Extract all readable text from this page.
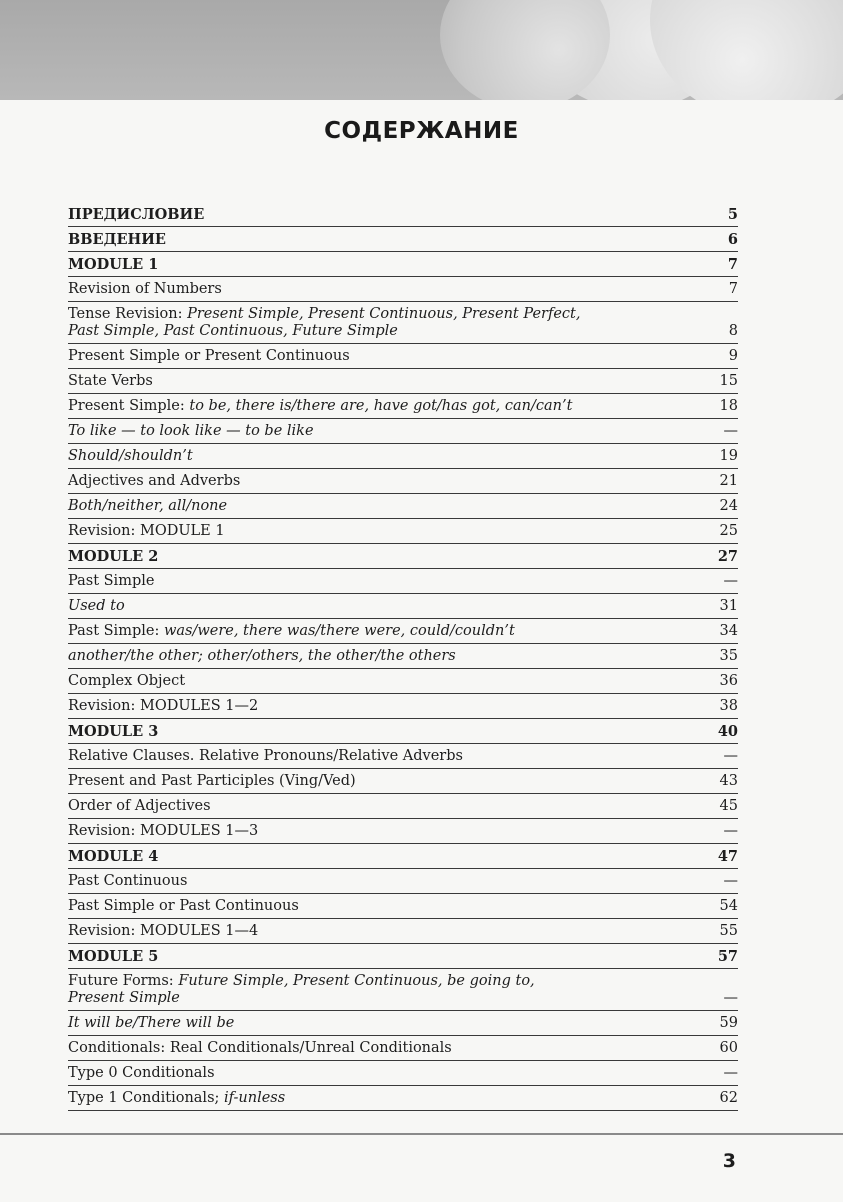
СОДЕРЖАНИЕ
ПРЕДИСЛОВИЕ	5
ВВЕДЕНИЕ	6
MODULE 1	7
Revision of Numbers	7
Tense Revision: Present Simple, Present Continuous, Present Perfect,
Past Simple, Past Continuous, Future Simple	8
Present Simple or Present Continuous	9
State Verbs	15
Present Simple: to be, there is/there are, have got/has got, can/can’t	18
To like — to look like — to be like	—
Should/shouldn’t	19
Adjectives and Adverbs	21
Both/neither, all/none	24
Revision: MODULE 1	25
MODULE 2	27
Past Simple	—
Used to	31
Past Simple: was/were, there was/there were, could/couldn’t	34
another/the other; other/others, the other/the others	35
Complex Object	36
Revision: MODULES 1—2	38
MODULE 3	40
Relative Clauses. Relative Pronouns/Relative Adverbs	—
Present and Past Participles (Ving/Ved)	43
Order of Adjectives	45
Revision: MODULES 1—3	—
MODULE 4	47
Past Continuous	—
Past Simple or Past Continuous	54
Revision: MODULES 1—4	55
MODULE 5	57
Future Forms: Future Simple, Present Continuous, be going to,
Present Simple	—
It will be/There will be	59
Conditionals: Real Conditionals/Unreal Conditionals	60
Type 0 Conditionals	—
Type 1 Conditionals; if-unless	62
3
